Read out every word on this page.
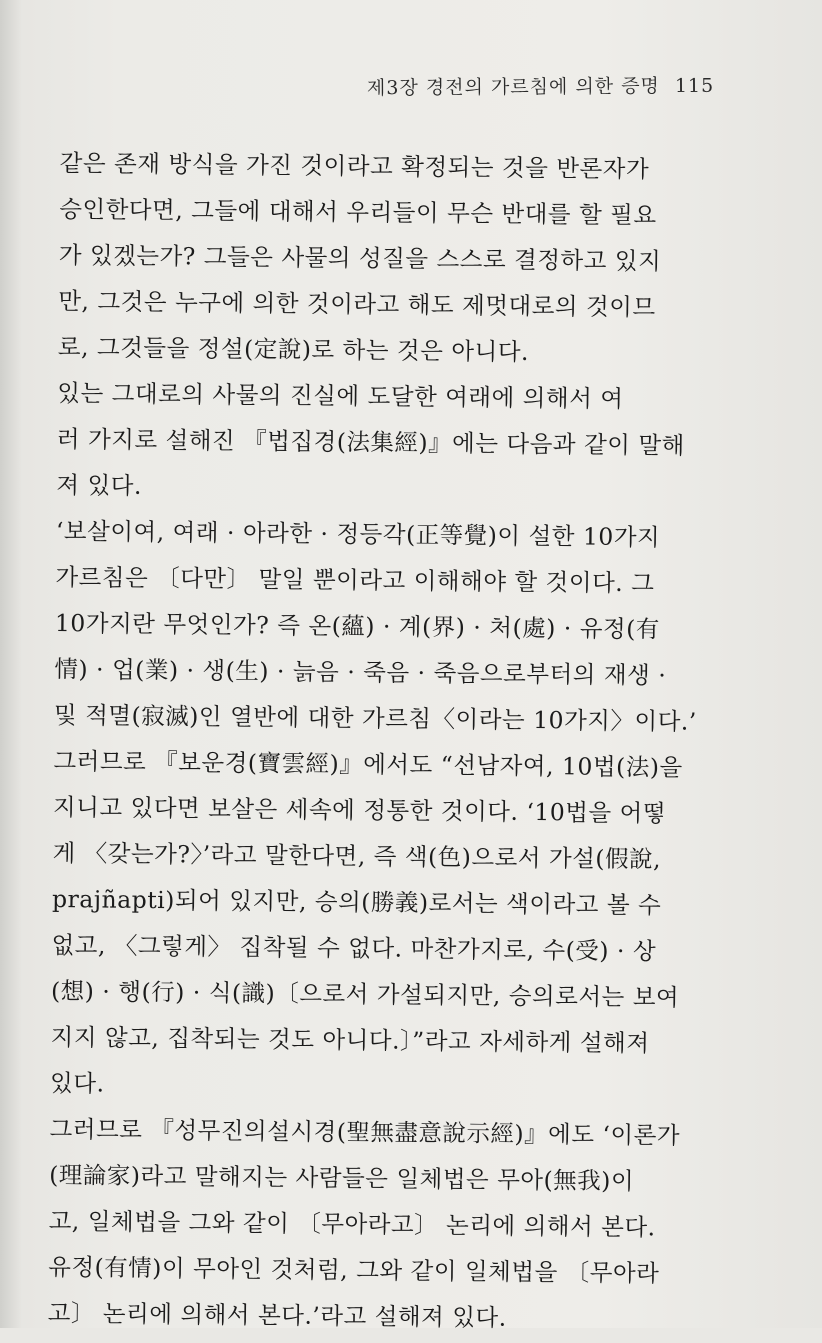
제3장 경전의 가르침에 의한 증명 115
같은 존재 방식을 가진 것이라고 확정되는 것을 반론자가
승인한다면, 그들에 대해서 우리들이 무슨 반대를 할 필요
가 있겠는가? 그들은 사물의 성질을 스스로 결정하고 있지
만, 그것은 누구에 의한 것이라고 해도 제멋대로의 것이므
로, 그것들을 정설(定說)로 하는 것은 아니다.
있는 그대로의 사물의 진실에 도달한 여래에 의해서 여
러 가지로 설해진 『법집경(法集經)』에는 다음과 같이 말해
져 있다.
‘보살이여, 여래 · 아라한 · 정등각(正等覺)이 설한 10가지
가르침은 〔다만〕 말일 뿐이라고 이해해야 할 것이다. 그
10가지란 무엇인가? 즉 온(蘊) · 계(界) · 처(處) · 유정(有
情) · 업(業) · 생(生) · 늙음 · 죽음 · 죽음으로부터의 재생 ·
및 적멸(寂滅)인 열반에 대한 가르침〈이라는 10가지〉이다.’
그러므로 『보운경(寶雲經)』에서도 “선남자여, 10법(法)을
지니고 있다면 보살은 세속에 정통한 것이다. ‘10법을 어떻
게 〈갖는가?〉’라고 말한다면, 즉 색(色)으로서 가설(假說,
prajñapti)되어 있지만, 승의(勝義)로서는 색이라고 볼 수
없고, 〈그렇게〉 집착될 수 없다. 마찬가지로, 수(受) · 상
(想) · 행(行) · 식(識)〔으로서 가설되지만, 승의로서는 보여
지지 않고, 집착되는 것도 아니다.〕”라고 자세하게 설해져
있다.
그러므로 『성무진의설시경(聖無盡意說示經)』에도 ‘이론가
(理論家)라고 말해지는 사람들은 일체법은 무아(無我)이
고, 일체법을 그와 같이 〔무아라고〕 논리에 의해서 본다.
유정(有情)이 무아인 것처럼, 그와 같이 일체법을 〔무아라
고〕 논리에 의해서 본다.’라고 설해져 있다.
